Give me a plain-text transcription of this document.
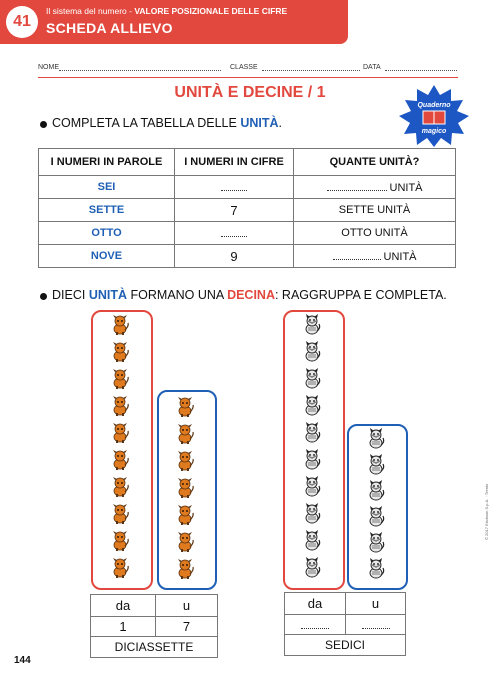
41
Il sistema del numero - VALORE POSIZIONALE DELLE CIFRE
SCHEDA ALLIEVO
NOME	CLASSE	DATA
UNITÀ E DECINE / 1
Quaderno
magico
COMPLETA LA TABELLA DELLE UNITÀ.
I NUMERI IN PAROLE	I NUMERI IN CIFRE	QUANTE UNITÀ?
SEI		UNITÀ
SETTE	7	SETTE UNITÀ
OTTO		OTTO UNITÀ
NOVE	9	UNITÀ
DIECI UNITÀ FORMANO UNA DECINA: RAGGRUPPA E COMPLETA.
da	u
1	7
DICIASSETTE	
da	u

SEDICI	
© 2017 Erickson S.p.A. · Trento
144
